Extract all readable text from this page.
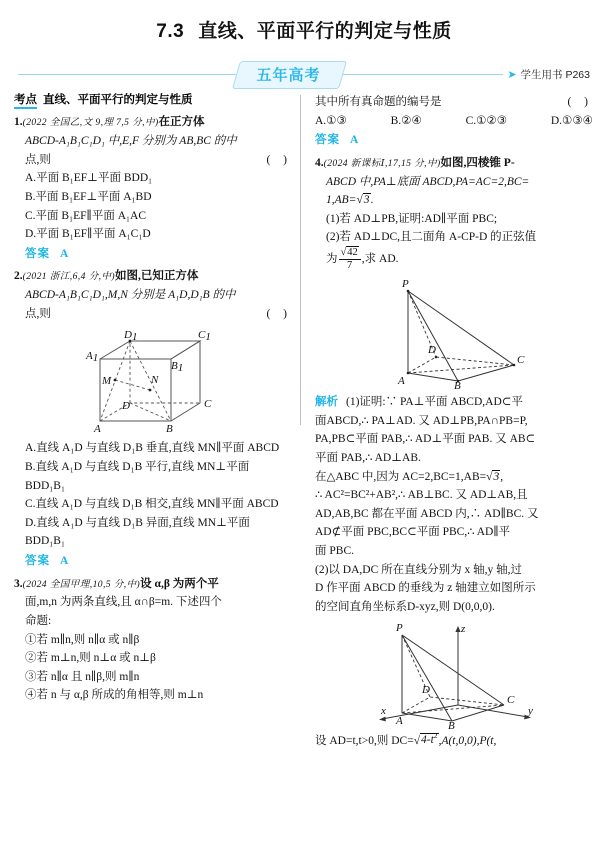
7.3 直线、平面平行的判定与性质
五年高考	➤ 学生用书 P263
考点 直线、平面平行的判定与性质
1.(2022 全国乙,文 9,理 7,5 分,中)在正方体
ABCD-A₁B₁C₁D₁ 中,E,F 分别为 AB,BC 的中
点,则	( )
A.平面 B₁EF⊥平面 BDD₁
B.平面 B₁EF⊥平面 A₁BD
C.平面 B₁EF∥平面 A₁AC
D.平面 B₁EF∥平面 A₁C₁D
答案 A
2.(2021 浙江,6,4 分,中)如图,已知正方体
ABCD-A₁B₁C₁D₁,M,N 分别是 A₁D,D₁B 的中
点,则	( )
D1	C1
A1
B1
M	N
D	C
A	B
A.直线 A₁D 与直线 D₁B 垂直,直线 MN∥平面 ABCD
B.直线 A₁D 与直线 D₁B 平行,直线 MN⊥平面 BDD₁B₁
C.直线 A₁D 与直线 D₁B 相交,直线 MN∥平面 ABCD
D.直线 A₁D 与直线 D₁B 异面,直线 MN⊥平面 BDD₁B₁
答案 A
3.(2024 全国甲理,10,5 分,中)设 α,β 为两个平
面,m,n 为两条直线,且 α∩β=m. 下述四个
命题:
①若 m∥n,则 n∥α 或 n∥β
②若 m⊥n,则 n⊥α 或 n⊥β
③若 n∥α 且 n∥β,则 m∥n
④若 n 与 α,β 所成的角相等,则 m⊥n
其中所有真命题的编号是	( )
A.①③	B.②④	C.①②③	D.①③④
答案 A
4.(2024 新课标Ⅰ,17,15 分,中)如图,四棱锥 P-
ABCD 中,PA⊥底面 ABCD,PA=AC=2,BC=
1,AB=√3.
(1)若 AD⊥PB,证明:AD∥平面 PBC;
(2)若 AD⊥DC,且二面角 A-CP-D 的正弦值
为 $\frac{√42}{7}$ ,求 AD.
P
D
C
A	B
解析 (1)证明:∵ PA⊥平面 ABCD,AD⊂平
面ABCD,∴ PA⊥AD. 又 AD⊥PB,PA∩PB=P,
PA,PB⊂平面 PAB,∴ AD⊥平面 PAB. 又 AB⊂
平面 PAB,∴ AD⊥AB.
在△ABC 中,因为 AC=2,BC=1,AB=√3,
∴ AC²=BC²+AB²,∴ AB⊥BC. 又 AD⊥AB,且
AD,AB,BC 都在平面 ABCD 内,∴ AD∥BC. 又
AD⊄平面 PBC,BC⊂平面 PBC,∴ AD∥平
面 PBC.
(2)以 DA,DC 所在直线分别为 x 轴,y 轴,过
D 作平面 ABCD 的垂线为 z 轴建立如图所示
的空间直角坐标系D-xyz,则 D(0,0,0).
P
D
C
A	B
z
x	y
设 AD=t,t>0,则 $DC=√4-t^2,A(t,0,0),P(t$,
